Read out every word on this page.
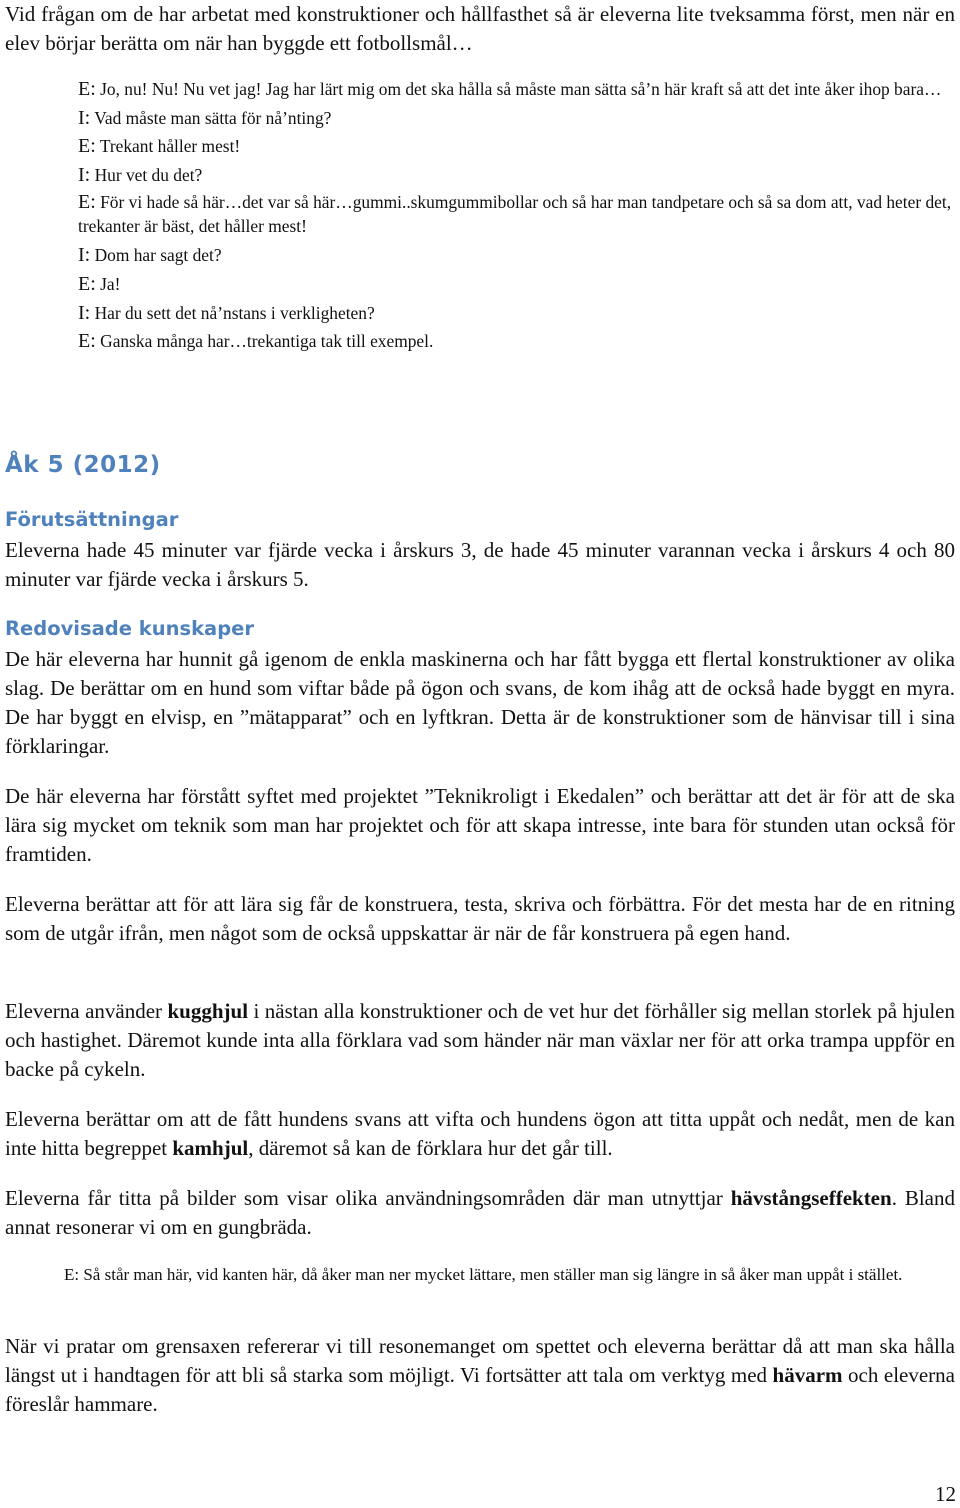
Vid frågan om de har arbetat med konstruktioner och hållfasthet så är eleverna lite tveksamma först, men när en elev börjar berätta om när han byggde ett fotbollsmål…
E: Jo, nu! Nu! Nu vet jag! Jag har lärt mig om det ska hålla så måste man sätta så’n här kraft så att det inte åker ihop bara…
I: Vad måste man sätta för nå’nting?
E: Trekant håller mest!
I: Hur vet du det?
E: För vi hade så här…det var så här…gummi..skumgummibollar och så har man tandpetare och så sa dom att, vad heter det, trekanter är bäst, det håller mest!
I: Dom har sagt det?
E: Ja!
I: Har du sett det nå’nstans i verkligheten?
E: Ganska många har…trekantiga tak till exempel.
Åk 5 (2012)
Förutsättningar
Eleverna hade 45 minuter var fjärde vecka i årskurs 3, de hade 45 minuter varannan vecka i årskurs 4 och 80 minuter var fjärde vecka i årskurs 5.
Redovisade kunskaper
De här eleverna har hunnit gå igenom de enkla maskinerna och har fått bygga ett flertal konstruktioner av olika slag. De berättar om en hund som viftar både på ögon och svans, de kom ihåg att de också hade byggt en myra. De har byggt en elvisp, en ”mätapparat” och en lyftkran. Detta är de konstruktioner som de hänvisar till i sina förklaringar.
De här eleverna har förstått syftet med projektet ”Teknikroligt i Ekedalen” och berättar att det är för att de ska lära sig mycket om teknik som man har projektet och för att skapa intresse, inte bara för stunden utan också för framtiden.
Eleverna berättar att för att lära sig får de konstruera, testa, skriva och förbättra. För det mesta har de en ritning som de utgår ifrån, men något som de också uppskattar är när de får konstruera på egen hand.
Eleverna använder kugghjul i nästan alla konstruktioner och de vet hur det förhåller sig mellan storlek på hjulen och hastighet. Däremot kunde inta alla förklara vad som händer när man växlar ner för att orka trampa uppför en backe på cykeln.
Eleverna berättar om att de fått hundens svans att vifta och hundens ögon att titta uppåt och nedåt, men de kan inte hitta begreppet kamhjul, däremot så kan de förklara hur det går till.
Eleverna får titta på bilder som visar olika användningsområden där man utnyttjar hävstångseffekten. Bland annat resonerar vi om en gungbräda.
E: Så står man här, vid kanten här, då åker man ner mycket lättare, men ställer man sig längre in så åker man uppåt i stället.
När vi pratar om grensaxen refererar vi till resonemanget om spettet och eleverna berättar då att man ska hålla längst ut i handtagen för att bli så starka som möjligt. Vi fortsätter att tala om verktyg med hävarm och eleverna föreslår hammare.
12
